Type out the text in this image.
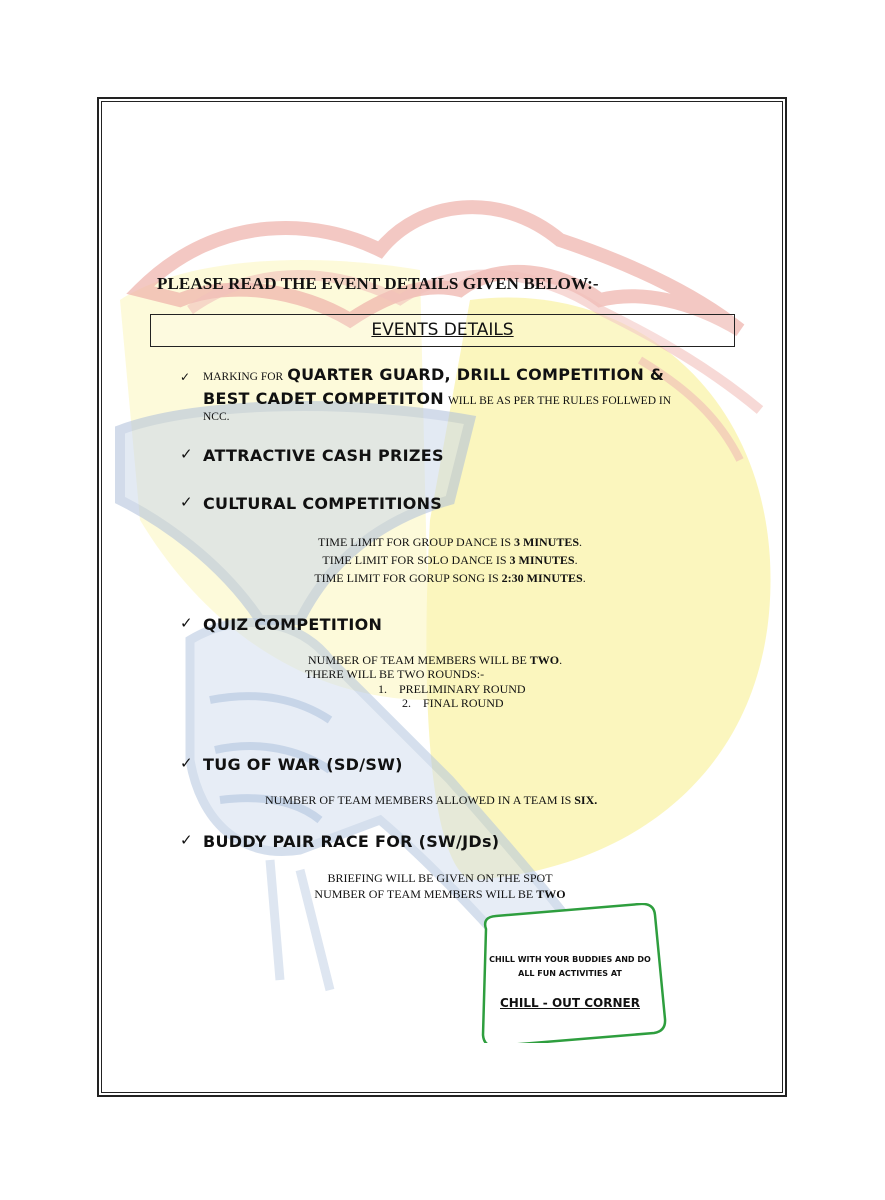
PLEASE READ THE EVENT DETAILS GIVEN BELOW:-
EVENTS DETAILS
✓ MARKING FOR QUARTER GUARD, DRILL COMPETITION &
BEST CADET COMPETITON WILL BE AS PER THE RULES FOLLWED IN
NCC.
✓ ATTRACTIVE CASH PRIZES
✓ CULTURAL COMPETITIONS
TIME LIMIT FOR GROUP DANCE IS 3 MINUTES.
TIME LIMIT FOR SOLO DANCE IS 3 MINUTES.
TIME LIMIT FOR GORUP SONG IS 2:30 MINUTES.
✓ QUIZ COMPETITION
NUMBER OF TEAM MEMBERS WILL BE TWO.
THERE WILL BE TWO ROUNDS:-
1. PRELIMINARY ROUND
2. FINAL ROUND
✓ TUG OF WAR (SD/SW)
NUMBER OF TEAM MEMBERS ALLOWED IN A TEAM IS SIX.
✓ BUDDY PAIR RACE FOR (SW/JDs)
BRIEFING WILL BE GIVEN ON THE SPOT
NUMBER OF TEAM MEMBERS WILL BE TWO
CHILL WITH YOUR BUDDIES AND DO
ALL FUN ACTIVITIES AT
CHILL - OUT CORNER
